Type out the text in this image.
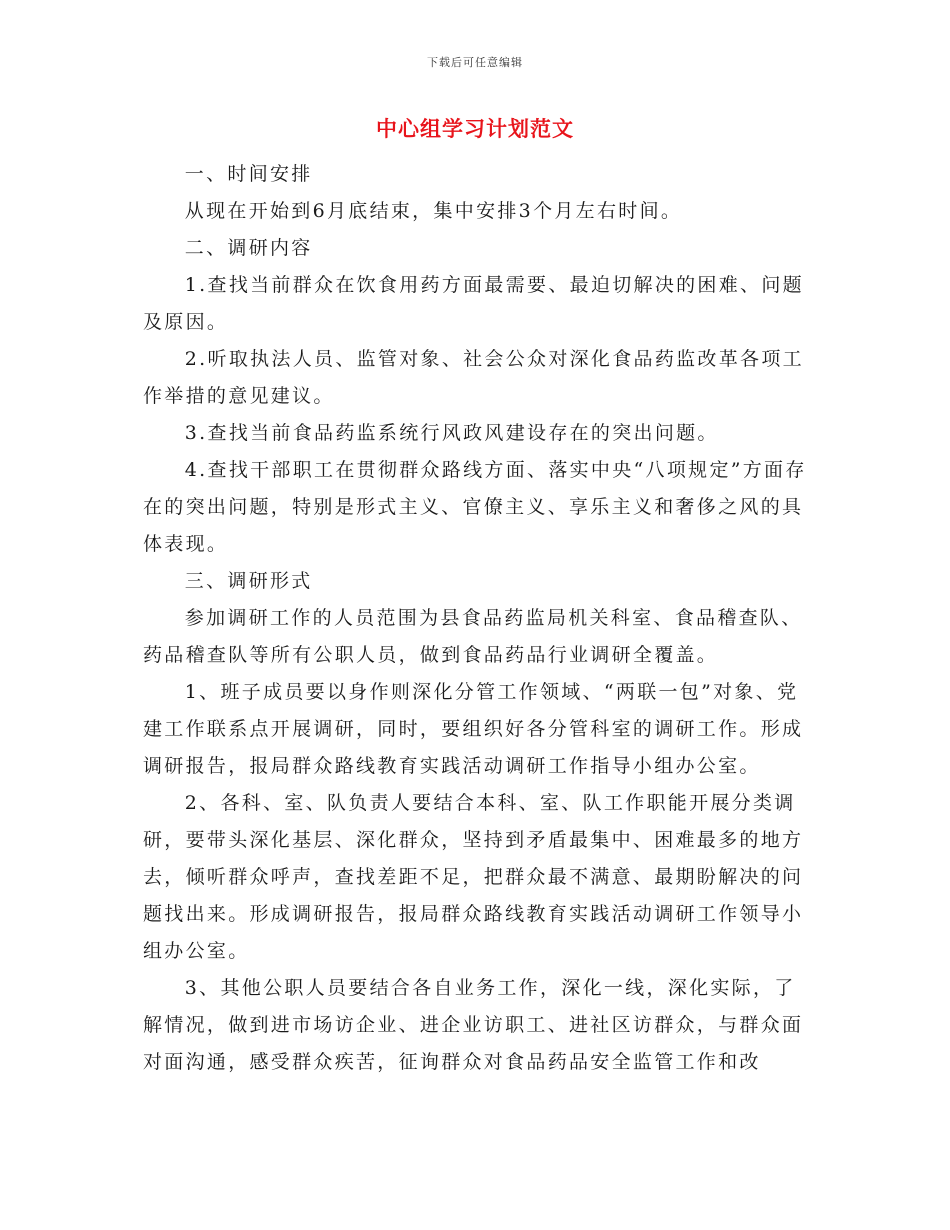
下载后可任意编辑
中心组学习计划范文

一、时间安排

从现在开始到6月底结束，集中安排3个月左右时间。

二、调研内容

1.查找当前群众在饮食用药方面最需要、最迫切解决的困难、问题及原因。

2.听取执法人员、监管对象、社会公众对深化食品药监改革各项工作举措的意见建议。

3.查找当前食品药监系统行风政风建设存在的突出问题。

4.查找干部职工在贯彻群众路线方面、落实中央“八项规定”方面存在的突出问题，特别是形式主义、官僚主义、享乐主义和奢侈之风的具体表现。

三、调研形式

参加调研工作的人员范围为县食品药监局机关科室、食品稽查队、药品稽查队等所有公职人员，做到食品药品行业调研全覆盖。

1、班子成员要以身作则深化分管工作领域、“两联一包”对象、党建工作联系点开展调研，同时，要组织好各分管科室的调研工作。形成调研报告，报局群众路线教育实践活动调研工作指导小组办公室。

2、各科、室、队负责人要结合本科、室、队工作职能开展分类调研，要带头深化基层、深化群众，坚持到矛盾最集中、困难最多的地方去，倾听群众呼声，查找差距不足，把群众最不满意、最期盼解决的问题找出来。形成调研报告，报局群众路线教育实践活动调研工作领导小组办公室。

3、其他公职人员要结合各自业务工作，深化一线，深化实际，了解情况，做到进市场访企业、进企业访职工、进社区访群众，与群众面对面沟通，感受群众疾苦，征询群众对食品药品安全监管工作和改
